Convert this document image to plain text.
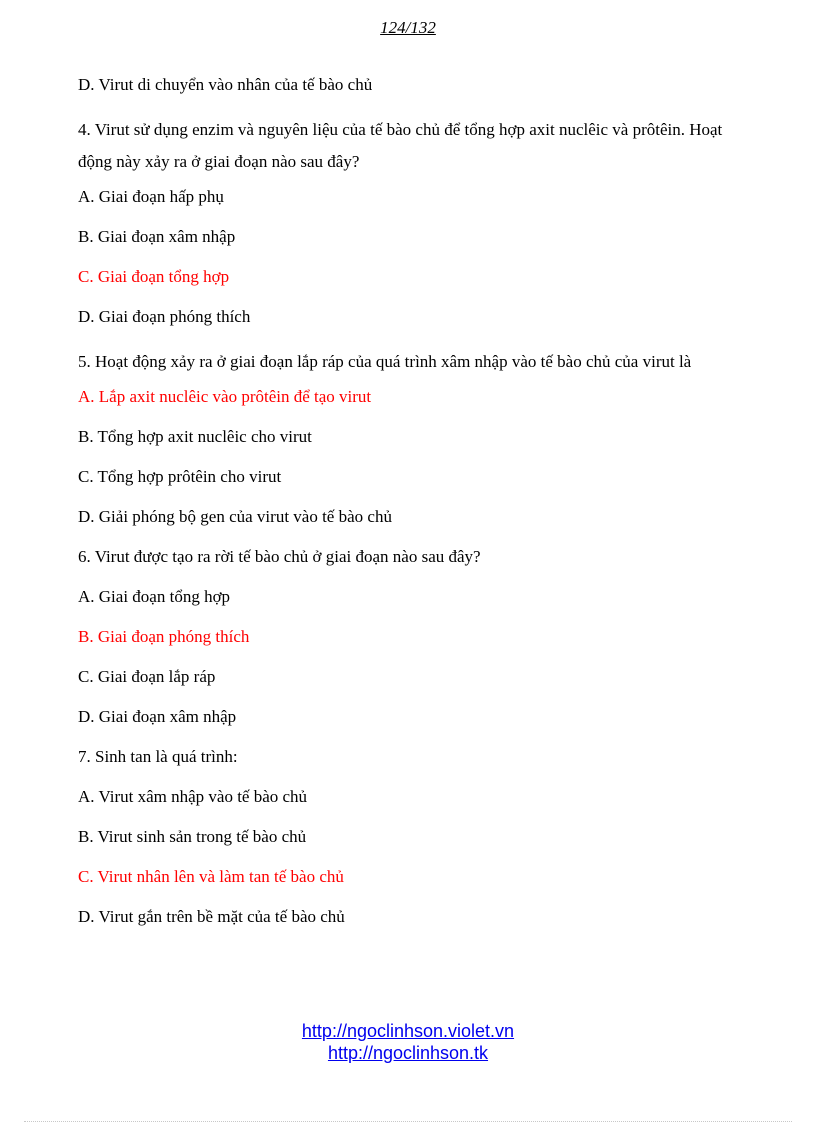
124/132
D. Virut di chuyển vào nhân của tế bào chủ
4. Virut sử dụng enzim và nguyên liệu của tế bào chủ để tổng hợp axit nuclêic và prôtêin. Hoạt động này xảy ra ở giai đoạn nào sau đây?
A. Giai đoạn hấp phụ
B. Giai đoạn xâm nhập
C. Giai đoạn tổng hợp
D. Giai đoạn phóng thích
5. Hoạt động xảy ra ở giai đoạn lắp ráp của quá trình xâm nhập vào tế bào chủ của virut là
A. Lắp axit nuclêic vào prôtêin để tạo virut
B. Tổng hợp axit nuclêic cho virut
C. Tổng hợp prôtêin cho virut
D. Giải phóng bộ gen của virut vào tế bào chủ
6. Virut được tạo ra rời tế bào chủ ở giai đoạn nào sau đây?
A. Giai đoạn tổng hợp
B. Giai đoạn phóng thích
C. Giai đoạn lắp ráp
D. Giai đoạn xâm nhập
7. Sinh tan là quá trình:
A. Virut xâm nhập vào tế bào chủ
B. Virut sinh sản trong tế bào chủ
C. Virut nhân lên và làm tan tế bào chủ
D. Virut gắn trên bề mặt của tế bào chủ
http://ngoclinhson.violet.vn
http://ngoclinhson.tk
